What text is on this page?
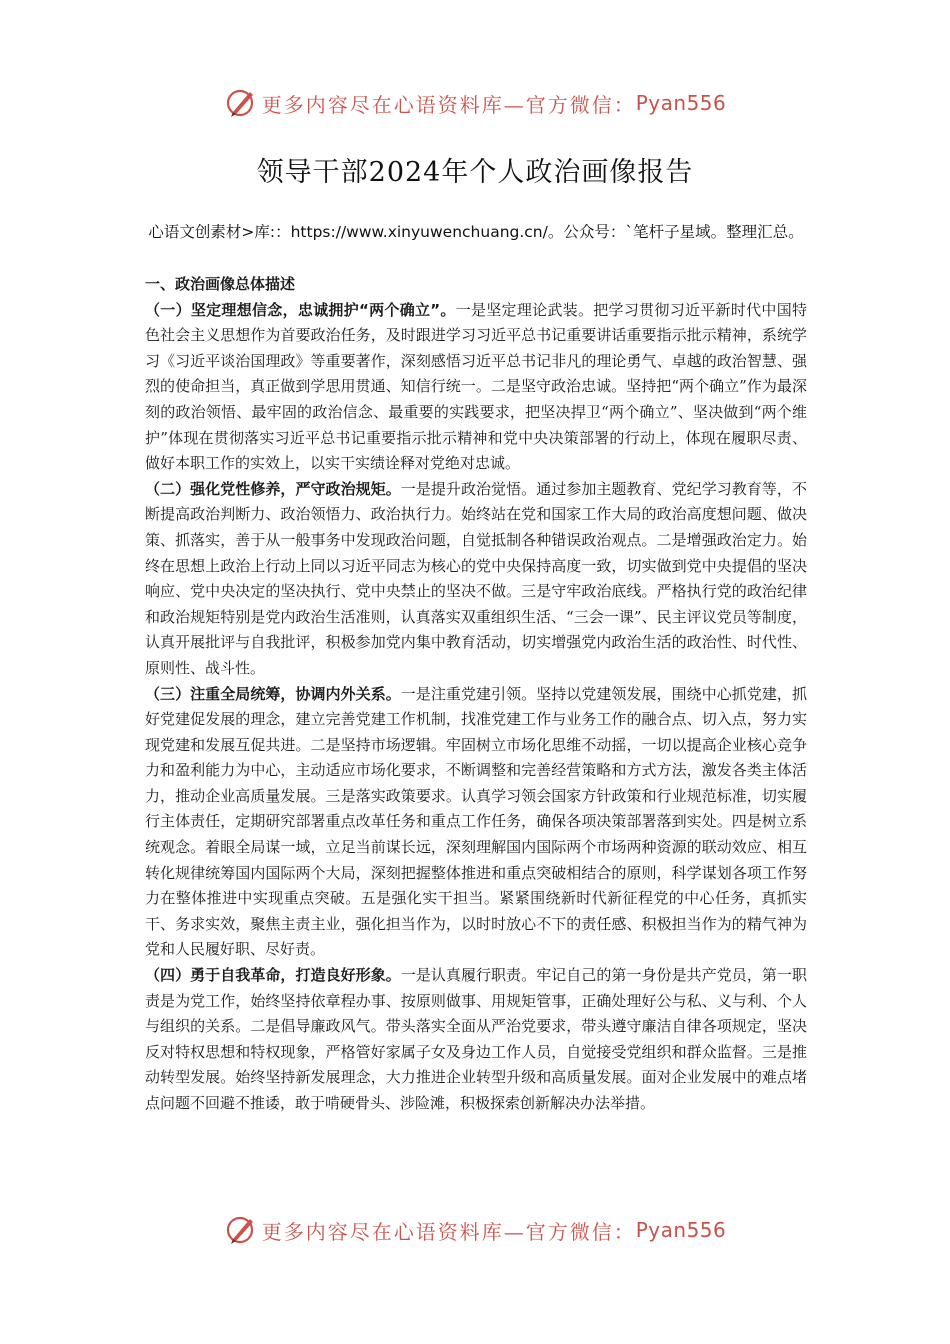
更多内容尽在心语资料库—官方微信： Pyan556
领导干部2024年个人政治画像报告
心语文创素材>库:：https://www.xinyuwenchuang.cn/。公众号：`笔杆子星域。整理汇总。

一、政治画像总体描述

（一）坚定理想信念，忠诚拥护“两个确立”。一是坚定理论武装。把学习贯彻习近平新时代中国特色社会主义思想作为首要政治任务，及时跟进学习习近平总书记重要讲话重要指示批示精神，系统学习《习近平谈治国理政》等重要著作，深刻感悟习近平总书记非凡的理论勇气、卓越的政治智慧、强烈的使命担当，真正做到学思用贯通、知信行统一。二是坚守政治忠诚。坚持把“两个确立”作为最深刻的政治领悟、最牢固的政治信念、最重要的实践要求，把坚决捍卫“两个确立”、坚决做到“两个维护”体现在贯彻落实习近平总书记重要指示批示精神和党中央决策部署的行动上，体现在履职尽责、做好本职工作的实效上，以实干实绩诠释对党绝对忠诚。

（二）强化党性修养，严守政治规矩。一是提升政治觉悟。通过参加主题教育、党纪学习教育等，不断提高政治判断力、政治领悟力、政治执行力。始终站在党和国家工作大局的政治高度想问题、做决策、抓落实，善于从一般事务中发现政治问题，自觉抵制各种错误政治观点。二是增强政治定力。始终在思想上政治上行动上同以习近平同志为核心的党中央保持高度一致，切实做到党中央提倡的坚决响应、党中央决定的坚决执行、党中央禁止的坚决不做。三是守牢政治底线。严格执行党的政治纪律和政治规矩特别是党内政治生活准则，认真落实双重组织生活、“三会一课”、民主评议党员等制度，认真开展批评与自我批评，积极参加党内集中教育活动，切实增强党内政治生活的政治性、时代性、原则性、战斗性。

（三）注重全局统筹，协调内外关系。一是注重党建引领。坚持以党建领发展，围绕中心抓党建，抓好党建促发展的理念，建立完善党建工作机制，找准党建工作与业务工作的融合点、切入点，努力实现党建和发展互促共进。二是坚持市场逻辑。牢固树立市场化思维不动摇，一切以提高企业核心竞争力和盈利能力为中心，主动适应市场化要求，不断调整和完善经营策略和方式方法，激发各类主体活力，推动企业高质量发展。三是落实政策要求。认真学习领会国家方针政策和行业规范标准，切实履行主体责任，定期研究部署重点改革任务和重点工作任务，确保各项决策部署落到实处。四是树立系统观念。着眼全局谋一域，立足当前谋长远，深刻理解国内国际两个市场两种资源的联动效应、相互转化规律统筹国内国际两个大局，深刻把握整体推进和重点突破相结合的原则，科学谋划各项工作努力在整体推进中实现重点突破。五是强化实干担当。紧紧围绕新时代新征程党的中心任务，真抓实干、务求实效，聚焦主责主业，强化担当作为，以时时放心不下的责任感、积极担当作为的精气神为党和人民履好职、尽好责。

（四）勇于自我革命，打造良好形象。一是认真履行职责。牢记自己的第一身份是共产党员，第一职责是为党工作，始终坚持依章程办事、按原则做事、用规矩管事，正确处理好公与私、义与利、个人与组织的关系。二是倡导廉政风气。带头落实全面从严治党要求，带头遵守廉洁自律各项规定，坚决反对特权思想和特权现象，严格管好家属子女及身边工作人员，自觉接受党组织和群众监督。三是推动转型发展。始终坚持新发展理念，大力推进企业转型升级和高质量发展。面对企业发展中的难点堵点问题不回避不推诿，敢于啃硬骨头、涉险滩，积极探索创新解决办法举措。

更多内容尽在心语资料库—官方微信： Pyan556
